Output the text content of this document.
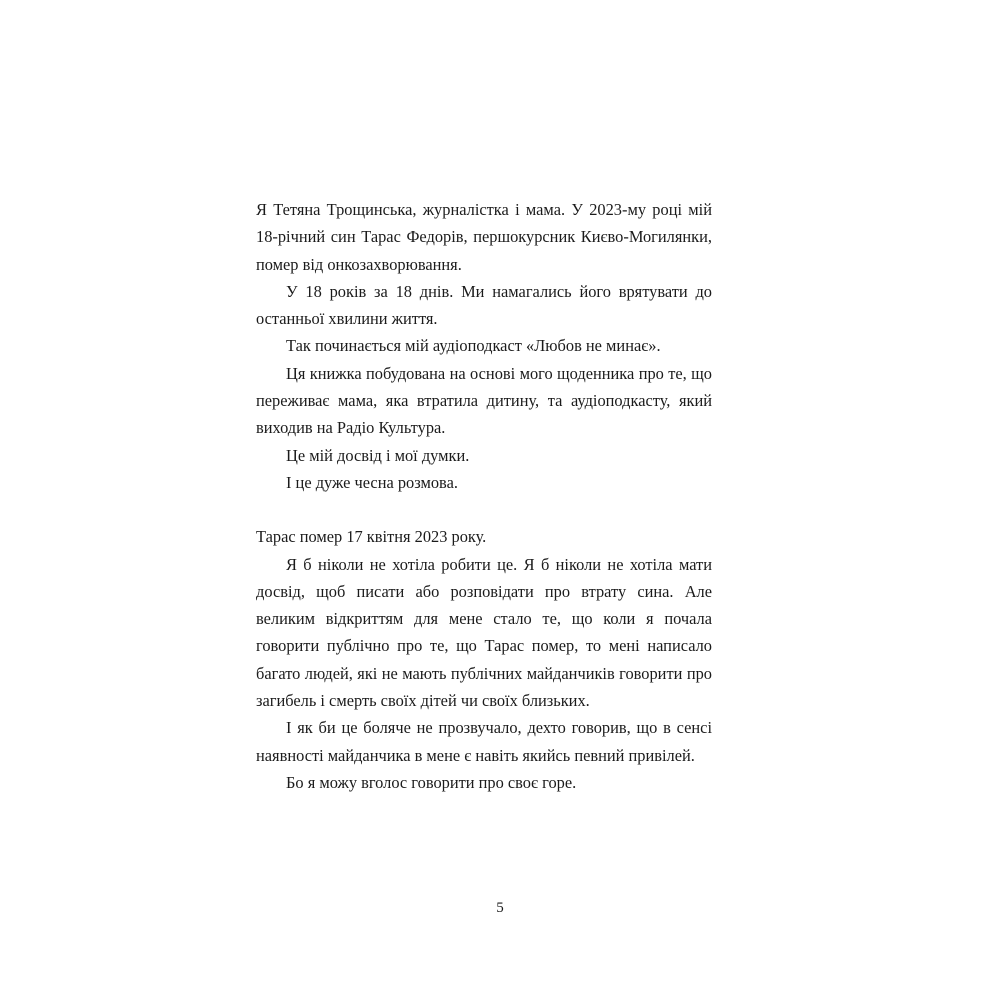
Я Тетяна Трощинська, журналістка і мама. У 2023-му році мій 18-річний син Тарас Федорів, першокурсник Києво-Могилянки, помер від онкозахворювання.

У 18 років за 18 днів. Ми намагались його врятувати до останньої хвилини життя.

Так починається мій аудіоподкаст «Любов не минає».

Ця книжка побудована на основі мого щоденника про те, що переживає мама, яка втратила дитину, та аудіоподкасту, який виходив на Радіо Культура.

Це мій досвід і мої думки.

І це дуже чесна розмова.

Тарас помер 17 квітня 2023 року.

Я б ніколи не хотіла робити це. Я б ніколи не хотіла мати досвід, щоб писати або розповідати про втрату сина. Але великим відкриттям для мене стало те, що коли я почала говорити публічно про те, що Тарас помер, то мені написало багато людей, які не мають публічних майданчиків говорити про загибель і смерть своїх дітей чи своїх близьких.

І як би це боляче не прозвучало, дехто говорив, що в сенсі наявності майданчика в мене є навіть якийсь певний привілей.

Бо я можу вголос говорити про своє горе.

5
